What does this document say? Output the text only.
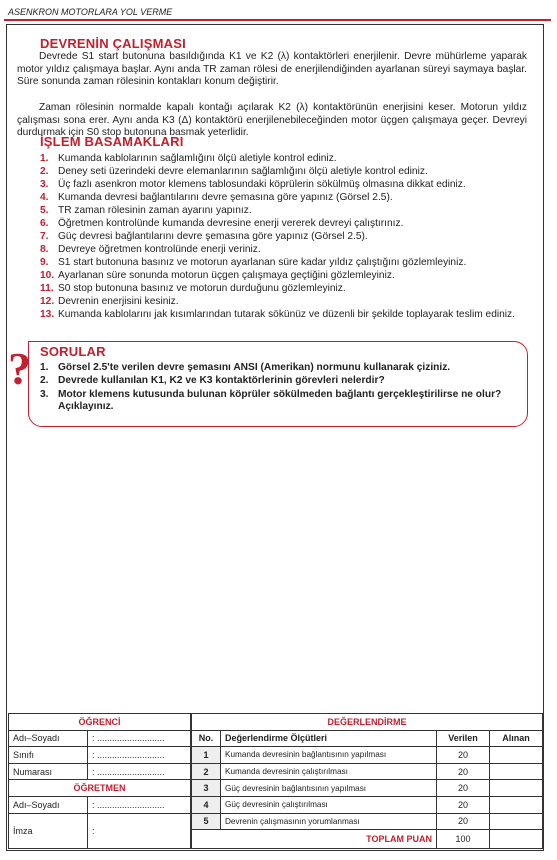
ASENKRON MOTORLARA YOL VERME
DEVRENİN ÇALIŞMASI
Devrede S1 start butonuna basıldığında K1 ve K2 (λ) kontaktörleri enerjilenir. Devre mühürleme yaparak motor yıldız çalışmaya başlar. Aynı anda TR zaman rölesi de enerjilendiğinden ayarlanan süreyi saymaya başlar. Süre sonunda zaman rölesinin kontakları konum değiştirir.
Zaman rölesinin normalde kapalı kontağı açılarak K2 (λ) kontaktörünün enerjisini keser. Motorun yıldız çalışması sona erer. Aynı anda K3 (Δ) kontaktörü enerjilenebileceğinden motor üçgen çalışmaya geçer. Devreyi durdurmak için S0 stop butonuna basmak yeterlidir.
İŞLEM BASAMAKLARI
1. Kumanda kablolarının sağlamlığını ölçü aletiyle kontrol ediniz.
2. Deney seti üzerindeki devre elemanlarının sağlamlığını ölçü aletiyle kontrol ediniz.
3. Üç fazlı asenkron motor klemens tablosundaki köprülerin sökülmüş olmasına dikkat ediniz.
4. Kumanda devresi bağlantılarını devre şemasına göre yapınız (Görsel 2.5).
5. TR zaman rölesinin zaman ayarını yapınız.
6. Öğretmen kontrolünde kumanda devresine enerji vererek devreyi çalıştırınız.
7. Güç devresi bağlantılarını devre şemasına göre yapınız (Görsel 2.5).
8. Devreye öğretmen kontrolünde enerji veriniz.
9. S1 start butonuna basınız ve motorun ayarlanan süre kadar yıldız çalıştığını gözlemleyiniz.
10. Ayarlanan süre sonunda motorun üçgen çalışmaya geçtiğini gözlemleyiniz.
11. S0 stop butonuna basınız ve motorun durduğunu gözlemleyiniz.
12. Devrenin enerjisini kesiniz.
13. Kumanda kablolarını jak kısımlarından tutarak sökünüz ve düzenli bir şekilde toplayarak teslim ediniz.
? SORULAR
1. Görsel 2.5'te verilen devre şemasını ANSI (Amerikan) normunu kullanarak çiziniz.
2. Devrede kullanılan K1, K2 ve K3 kontaktörlerinin görevleri nelerdir?
3. Motor klemens kutusunda bulunan köprüler sökülmeden bağlantı gerçekleştirilirse ne olur? Açıklayınız.
ÖĞRENCİ	
Adı–Soyadı	: ...........................
Sınıfı	: ...........................
Numarası	: ...........................
ÖĞRETMEN	
Adı–Soyadı	: ...........................
İmza	:
DEĞERLENDİRME			
No.	Değerlendirme Ölçütleri	Verilen	Alınan
1	Kumanda devresinin bağlantısının yapılması	20	
2	Kumanda devresinin çalıştırılması	20	
3	Güç devresinin bağlantısının yapılması	20	
4	Güç devresinin çalıştırılması	20	
5	Devrenin çalışmasının yorumlanması	20	
TOPLAM PUAN		100	
